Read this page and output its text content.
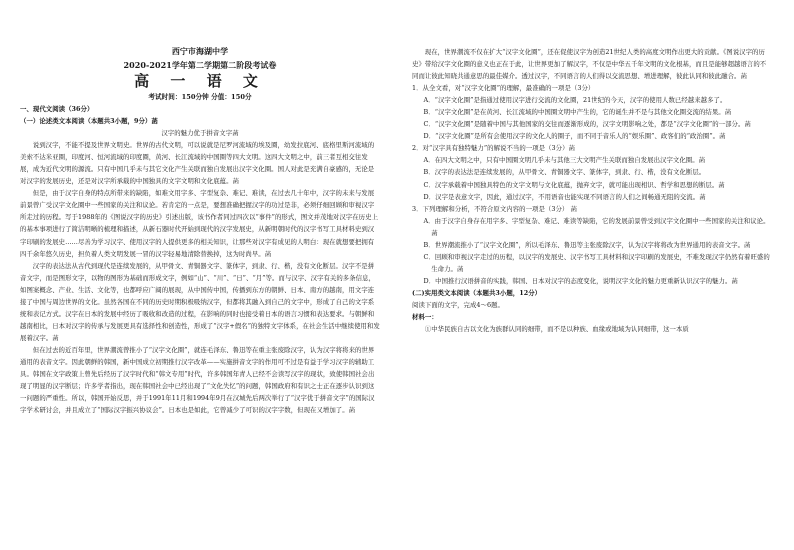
西宁市海湖中学

2020-2021学年第二学期第二阶段考试卷

高 一 语 文

考试时间：150分钟 分值：150分

一、现代文阅读（36分）

（一）论述类文本阅读（本题共3小题，9分）菡

汉字的魅力优于拼音文字菡

说到汉字，不能不提及世界文明史。世界的古代文明，可以说就是尼罗河流域的埃及圈，幼发拉底河、底格里斯河流域的美索不达米亚圈，印度河、恒河流域的印度圈，黄河、长江流域的中国圈等四大文明。这四大文明之中，前三者互相交往发展，成为近代文明的源流。只有中国几乎未与其它文化产生关联而独自发展出汉字文化圈。国人对此是充满自豪感的，无论是对汉字的发展历史，还是对汉字所承载的中国独具的文字文明和文化底蕴。菡

但是，由于汉字自身的特点所带来的缺陷，如难文用字多、字型复杂、难记、难读，在过去几十年中，汉字的未来与发展前景曾广受汉字文化圈中一些国家的关注和议论。若肯定的一点是，要想准确把握汉字的功过是非，必须仔细回顾和审视汉字所走过的历程。写于1988年的《图说汉字的历史》引述出版，该书作者同过四次以“事件”的形式，图文并茂地对汉字在历史上的基本事项进行了简洁明晰的梳理和描述，从新石器时代开始到现代的汉字发展史，从新明朝时代的汉字书写工具材料史到汉字印刷的发展史……尽善为学习汉字、使用汉字的人提供更多的相关知识，让那些对汉字有成见的人明白：现在就想要把拥有四千余年悠久历史，担负着人类文明发展一冒的汉字轻易地清除替换掉，这为时尚早。菡

汉字的表达法从古代到现代是连续发展的，从甲骨文、青铜器文字、篆体字，到隶、行、楷，没有文化断层。汉字不是拼音文字，而是图形文字，以物的图形为基础而形成文字，例如“山”、“川”、“日”、“月”等。而与汉字、汉字有关的多条信息，如图案概念、产业、生活、文化等，也都呼应广阔的展现，从中国传中国，传播到东方的朝鲜、日本、南方的越南，用文字连接了中国与周边世界的文化。虽然各国在不同的历史时期积极吸纳汉字，但都将其融入到自己的文字中，形成了自己的文字系统和表记方式。汉字在日本的发展中经历了吸收和改造的过程，在影响的同时也接受着日本的语言习惯和表达要求。与朝鲜和越南相比，日本对汉字的传承与发展更具有选择性和创造性，形成了“汉字+假名”的独特文字体系，在社会生活中继续使用和发展着汉字。菡

但在过去的近百年里，世界潮流曾推小了“汉字文化圈”，就连毛泽东、鲁迅等在重主张废除汉字，认为汉字将将来的世界通用的表音文字。因此朝鲜的韩国，新中国成立初期推行汉字改革——实施拼音文字的作用可不过是有益于学习汉字的辅助工具。韩国在文字政策上曾先后经历了汉字时代和“韩文专用”时代，许多韩国年青人已经不会读写汉字的现状，致使韩国社会出现了明显的汉字断层；许多学者指出，现在韩国社会中已经出现了“文化失忆”的问题，韩国政府和有识之士正在逐步认识到这一问题的严重性。所以，韩国开始反思，并于1991年11月和1994年9月在汉城先后两次举行了“汉字优于拼音文字”的国际汉字学术研讨会，并且成立了“国际汉字振兴协议会”。日本也是如此，它曾减少了可识的汉字字数，但现在又增加了。菡

现在，世界潮流不仅在扩大“汉字文化圈”，还在促使汉字为创造21世纪人类的高度文明作出更大的贡献。《图说汉字的历史》带给汉字文化圈的意义也正在于此，让世界更加了解汉字，不仅是中华五千年文明的文化根基，而且是能够超越语言的不同而让彼此知晓共通意思的最佳媒介。透过汉字，不同语言的人们得以交流思想、增进理解，彼此认同和彼此融合。菡

1．从全文看，对“汉字文化圈”的理解，最准确的一项是（3分）

A．“汉字文化圈”是指通过使用汉字进行交流的文化圈，21世纪的今天，汉字的使用人数已经越来越多了。

B．“汉字文化圈”是在黄河、长江流域的中国圈文明中产生的，它的诞生并不是与其他文化圈交流的结果。菡

C．“汉字文化圈”是随着中国与其他国家的交往而逐渐形成的，汉字文明影响之处，都是“汉字文化圈”的一部分。菡

D．“汉字文化圈”是所有会使用汉字的文化人的圈子，而不同于音乐人的“娱乐圈”、政客们的“政治圈”。菡

2．对“汉字具有独特魅力”的解说不当的一项是（3分）菡

A．在四大文明之中，只有中国圈文明几乎未与其他三大文明产生关联而独自发展出汉字文化圈。菡

B．汉字的表达法是连续发展的，从甲骨文、青铜器文字、篆体字，到隶、行、楷，没有文化断层。

C．汉字承载着中国独具特色的文字文明与文化底蕴，抛弃文字，就可能出现相识、哲学和思想的断层。菡

D．汉字是表意文字，因此，通过汉字，不用语音也能实现不同语言的人们之间畅通无阻的交流。菡

3．下列理解和分析，不符合原文内容的一项是（3分） 菡

A．由于汉字自身存在用字多、字型复杂、难记、难读等缺陷，它的发展前景曾受到汉字文化圈中一些国家的关注和议论。菡

B．世界潮流推小了“汉字文化圈”，所以毛泽东、鲁迅等主张废除汉字，认为汉字将将改为世界通用的表音文字。菡

C．回顾和审视汉字走过的历程，以汉字的发展史、汉字书写工具材料和汉字印刷的发展史，不难发现汉字仍然有着旺盛的生命力。菡

D．中国推行汉语拼音的实践，韩国、日本对汉字的态度变化，说明汉字文化的魅力更重新认识汉字的魅力。菡

(二)实用类文本阅读（本题共3小题，12分）

阅读下面的文字，完成4～6题。

材料一：

①中华民族自古以文化为族群认同的细带，而不是以种族、血缘或地域为认同细带，这一本质
